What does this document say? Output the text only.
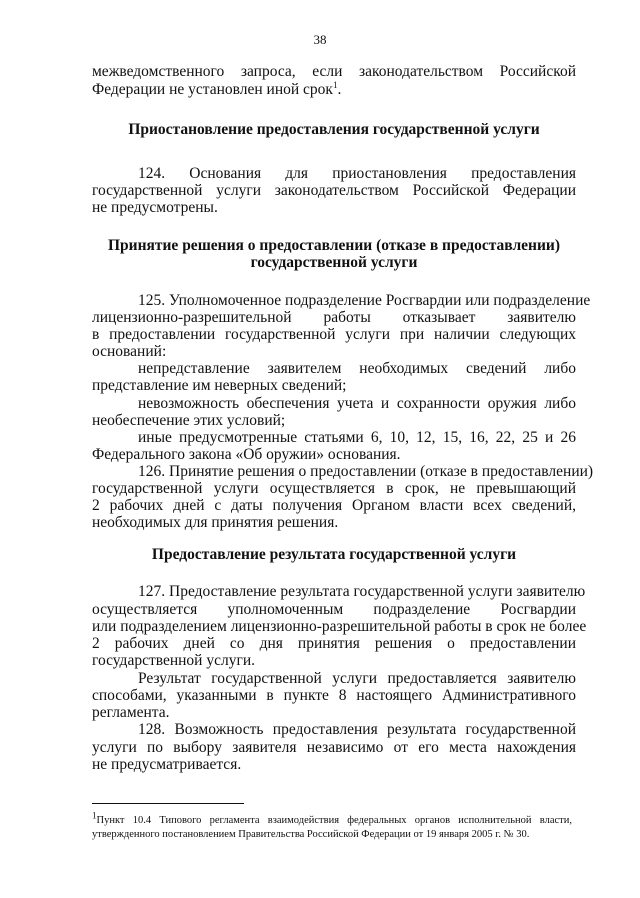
38
межведомственного запроса, если законодательством Российской
Федерации не установлен иной срок$^1$.
Приостановление предоставления государственной услуги
124. Основания для приостановления предоставления
государственной услуги законодательством Российской Федерации
не предусмотрены.
Принятие решения о предоставлении (отказе в предоставлении)
государственной услуги
125. Уполномоченное подразделение Росгвардии или подразделение
лицензионно-разрешительной работы отказывает заявителю
в предоставлении государственной услуги при наличии следующих
оснований:
непредставление заявителем необходимых сведений либо
представление им неверных сведений;
невозможность обеспечения учета и сохранности оружия либо
необеспечение этих условий;
иные предусмотренные статьями 6, 10, 12, 15, 16, 22, 25 и 26
Федерального закона «Об оружии» основания.
126. Принятие решения о предоставлении (отказе в предоставлении)
государственной услуги осуществляется в срок, не превышающий
2 рабочих дней с даты получения Органом власти всех сведений,
необходимых для принятия решения.
Предоставление результата государственной услуги
127. Предоставление результата государственной услуги заявителю
осуществляется уполномоченным подразделение Росгвардии
или подразделением лицензионно-разрешительной работы в срок не более
2 рабочих дней со дня принятия решения о предоставлении
государственной услуги.
Результат государственной услуги предоставляется заявителю
способами, указанными в пункте 8 настоящего Административного
регламента.
128. Возможность предоставления результата государственной
услуги по выбору заявителя независимо от его места нахождения
не предусматривается.
$^1$Пункт 10.4 Типового регламента взаимодействия федеральных органов исполнительной власти,
утвержденного постановлением Правительства Российской Федерации от 19 января 2005 г. № 30.
